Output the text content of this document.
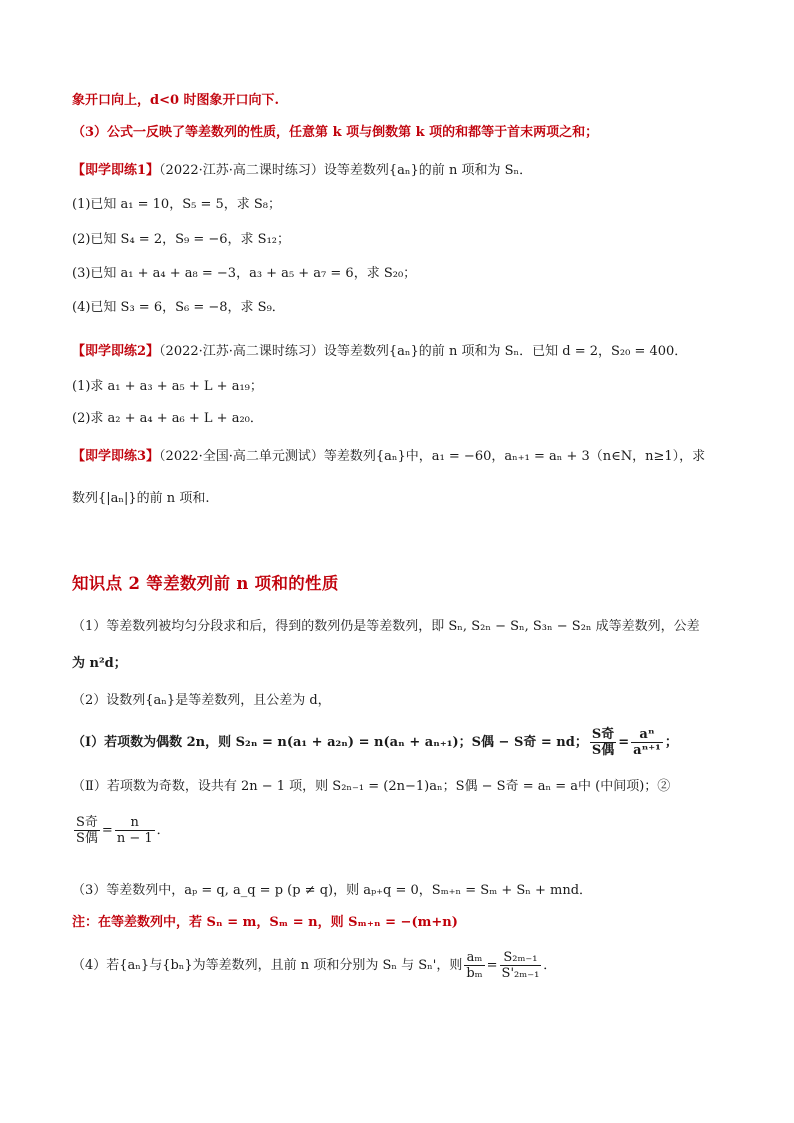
象开口向上，d<0 时图象开口向下.
（3）公式一反映了等差数列的性质，任意第 k 项与倒数第 k 项的和都等于首末两项之和；
【即学即练1】（2022·江苏·高二课时练习）设等差数列{aₙ}的前 n 项和为 Sₙ．
(1)已知 a₁ = 10，S₅ = 5，求 S₈；
(2)已知 S₄ = 2，S₉ = −6，求 S₁₂；
(3)已知 a₁ + a₄ + a₈ = −3，a₃ + a₅ + a₇ = 6，求 S₂₀；
(4)已知 S₃ = 6，S₆ = −8，求 S₉．
【即学即练2】（2022·江苏·高二课时练习）设等差数列{aₙ}的前 n 项和为 Sₙ．已知 d = 2，S₂₀ = 400．
(1)求 a₁ + a₃ + a₅ + L + a₁₉；
(2)求 a₂ + a₄ + a₆ + L + a₂₀．
【即学即练3】（2022·全国·高二单元测试）等差数列{aₙ}中，a₁ = −60，aₙ₊₁ = aₙ + 3（n∈N，n≥1），求
数列{|aₙ|}的前 n 项和.
知识点 2 等差数列前 n 项和的性质
（1）等差数列被均匀分段求和后，得到的数列仍是等差数列，即 Sₙ, S₂ₙ − Sₙ, S₃ₙ − S₂ₙ 成等差数列，公差
为 n²d；
（2）设数列{aₙ}是等差数列，且公差为 d，
（Ⅰ）若项数为偶数 2n，则 S₂ₙ = n(a₁ + a₂ₙ) = n(aₙ + aₙ₊₁)；S偶 − S奇 = nd； $\frac{\text{S奇}}{\text{S偶}} = \frac{\text{aⁿ}}{\text{aⁿ⁺¹}}$ ；
（Ⅱ）若项数为奇数，设共有 2n − 1 项，则 S₂ₙ₋₁ = (2n−1)aₙ；S偶 − S奇 = aₙ = a中 (中间项)；②
$\frac{\text{S奇}}{\text{S偶}} = \frac{n}{n - 1}$ ．
（3）等差数列中，aₚ = q, a_q = p (p ≠ q)，则 aₚ₊q = 0，Sₘ₊ₙ = Sₘ + Sₙ + mnd．
注：在等差数列中，若 Sₙ = m，Sₘ = n，则 Sₘ₊ₙ = −(m+n)
（4）若{aₙ}与{bₙ}为等差数列，且前 n 项和分别为 Sₙ 与 Sₙ'，则 $\frac{\text{aₘ}}{\text{bₘ}} = \frac{\text{S₂ₘ₋₁}}{\text{S'₂ₘ₋₁}}$ ．
